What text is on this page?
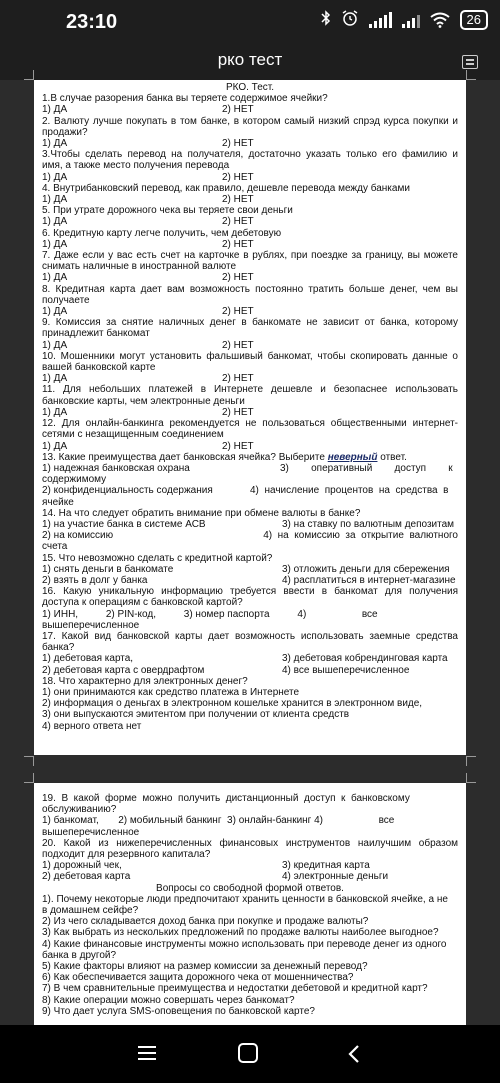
23:10	26
рко тест
РКО. Тест.
1.В случае разорения банка вы теряете содержимое ячейки?
1) ДА	2) НЕТ
2. Валюту лучше покупать в том банке, в котором самый низкий спрэд курса покупки и
продажи?
1) ДА	2) НЕТ
3.Чтобы сделать перевод на получателя, достаточно указать только его фамилию и
имя, а также место получения перевода
1) ДА	2) НЕТ
4. Внутрибанковский перевод, как правило, дешевле перевода между банками
1) ДА	2) НЕТ
5. При утрате дорожного чека вы теряете свои деньги
1) ДА	2) НЕТ
6. Кредитную карту легче получить, чем дебетовую
1) ДА	2) НЕТ
7. Даже если у вас есть счет на карточке в рублях, при поездке за границу, вы можете
снимать наличные в иностранной валюте
1) ДА	2) НЕТ
8. Кредитная карта дает вам возможность постоянно тратить больше денег, чем вы
получаете
1) ДА	2) НЕТ
9. Комиссия за снятие наличных денег в банкомате не зависит от банка, которому
принадлежит банкомат
1) ДА	2) НЕТ
10. Мошенники могут установить фальшивый банкомат, чтобы скопировать данные о
вашей банковской карте
1) ДА	2) НЕТ
11. Для небольших платежей в Интернете дешевле и безопаснее использовать
банковские карты, чем электронные деньги
1) ДА	2) НЕТ
12. Для онлайн-банкинга рекомендуется не пользоваться общественными интернет-
сетями с незащищенным соединением
1) ДА	2) НЕТ
13. Какие преимущества дает банковская ячейка? Выберите неверный ответ.
1) надежная банковская охрана	3)        оперативный        доступ        к
содержимому
2) конфиденциальность содержания	4)  начисление  процентов  на  средства  в
ячейке
14. На что следует обратить внимание при обмене валюты в банке?
1) на участие банка в системе АСВ	3) на ставку по валютным депозитам
2) на комиссию	4)  на  комиссию  за  открытие  валютного
счета
15. Что невозможно сделать с кредитной картой?
1) снять деньги в банкомате	3) отложить деньги для сбережения
2) взять в долг у банка	4) расплатиться в интернет-магазине
16. Какую уникальную информацию требуется ввести в банкомат для получения
доступа к операциям с банковской картой?
1) ИНН,          2) PIN-код,          3) номер паспорта          4)                    все
вышеперечисленное
17. Какой вид банковской карты дает возможность использовать заемные средства
банка?
1) дебетовая карта,	3) дебетовая кобрендинговая карта
2) дебетовая карта с овердрафтом	4) все вышеперечисленное
18. Что характерно для электронных денег?
1) они принимаются как средство платежа в Интернете
2) информация о деньгах в электронном кошельке хранится в электронном виде,
3) они выпускаются эмитентом при получении от клиента средств
4) верного ответа нет
19.  В  какой  форме  можно  получить  дистанционный  доступ  к  банковскому
обслуживанию?
1) банкомат,       2) мобильный банкинг  3) онлайн-банкинг 4)                    все
вышеперечисленное
20. Какой из нижеперечисленных финансовых инструментов наилучшим образом
подходит для резервного капитала?
1) дорожный чек,	3) кредитная карта
2) дебетовая карта	4) электронные деньги
Вопросы со свободной формой ответов.
1). Почему некоторые люди предпочитают хранить ценности в банковской ячейке, а не
в домашнем сейфе?
2) Из чего складывается доход банка при покупке и продаже валюты?
3) Как выбрать из нескольких предложений по продаже валюты наиболее выгодное?
4) Какие финансовые инструменты можно использовать при переводе денег из одного
банка в другой?
5) Какие факторы влияют на размер комиссии за денежный перевод?
6) Как обеспечивается защита дорожного чека от мошенничества?
7) В чем сравнительные преимущества и недостатки дебетовой и кредитной карт?
8) Какие операции можно совершать через банкомат?
9) Что дает услуга SMS-оповещения по банковской карте?
